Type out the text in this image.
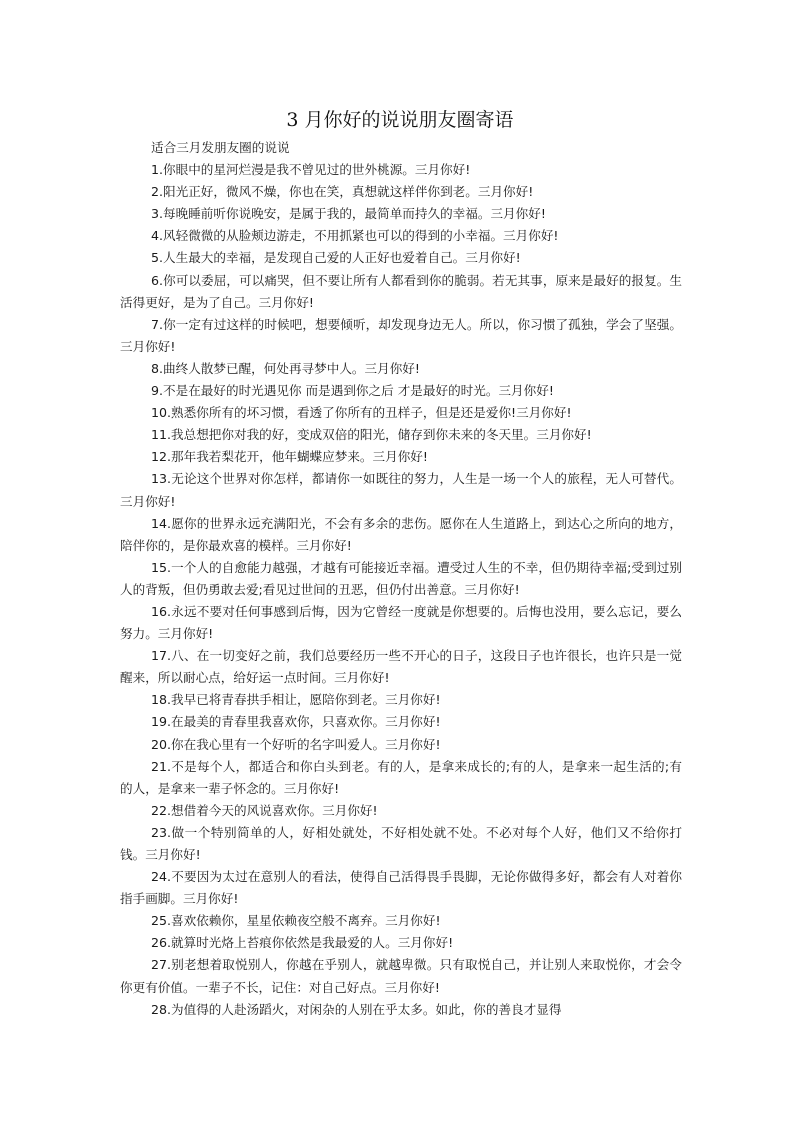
3 月你好的说说朋友圈寄语

适合三月发朋友圈的说说

1.你眼中的星河烂漫是我不曾见过的世外桃源。三月你好!

2.阳光正好，微风不燥，你也在笑，真想就这样伴你到老。三月你好!

3.每晚睡前听你说晚安，是属于我的，最简单而持久的幸福。三月你好!

4.风轻微微的从脸颊边游走，不用抓紧也可以的得到的小幸福。三月你好!

5.人生最大的幸福，是发现自己爱的人正好也爱着自己。三月你好!

6.你可以委屈，可以痛哭，但不要让所有人都看到你的脆弱。若无其事，原来是最好的报复。生活得更好，是为了自己。三月你好!

7.你一定有过这样的时候吧，想要倾听，却发现身边无人。所以，你习惯了孤独，学会了坚强。三月你好!

8.曲终人散梦已醒，何处再寻梦中人。三月你好!

9.不是在最好的时光遇见你 而是遇到你之后 才是最好的时光。三月你好!

10.熟悉你所有的坏习惯，看透了你所有的丑样子，但是还是爱你!三月你好!

11.我总想把你对我的好，变成双倍的阳光，储存到你未来的冬天里。三月你好!

12.那年我若梨花开，他年蝴蝶应梦来。三月你好!

13.无论这个世界对你怎样，都请你一如既往的努力，人生是一场一个人的旅程，无人可替代。三月你好!

14.愿你的世界永远充满阳光，不会有多余的悲伤。愿你在人生道路上，到达心之所向的地方，陪伴你的，是你最欢喜的模样。三月你好!

15.一个人的自愈能力越强，才越有可能接近幸福。遭受过人生的不幸，但仍期待幸福;受到过别人的背叛，但仍勇敢去爱;看见过世间的丑恶，但仍付出善意。三月你好!

16.永远不要对任何事感到后悔，因为它曾经一度就是你想要的。后悔也没用，要么忘记，要么努力。三月你好!

17.八、在一切变好之前，我们总要经历一些不开心的日子，这段日子也许很长，也许只是一觉醒来，所以耐心点，给好运一点时间。三月你好!

18.我早已将青春拱手相让，愿陪你到老。三月你好!

19.在最美的青春里我喜欢你，只喜欢你。三月你好!

20.你在我心里有一个好听的名字叫爱人。三月你好!

21.不是每个人，都适合和你白头到老。有的人，是拿来成长的;有的人，是拿来一起生活的;有的人，是拿来一辈子怀念的。三月你好!

22.想借着今天的风说喜欢你。三月你好!

23.做一个特别简单的人，好相处就处，不好相处就不处。不必对每个人好，他们又不给你打钱。三月你好!

24.不要因为太过在意别人的看法，使得自己活得畏手畏脚，无论你做得多好，都会有人对着你指手画脚。三月你好!

25.喜欢依赖你，星星依赖夜空般不离弃。三月你好!

26.就算时光烙上苔痕你依然是我最爱的人。三月你好!

27.别老想着取悦别人，你越在乎别人，就越卑微。只有取悦自己，并让别人来取悦你，才会令你更有价值。一辈子不长，记住：对自己好点。三月你好!

28.为值得的人赴汤蹈火，对闲杂的人别在乎太多。如此，你的善良才显得
